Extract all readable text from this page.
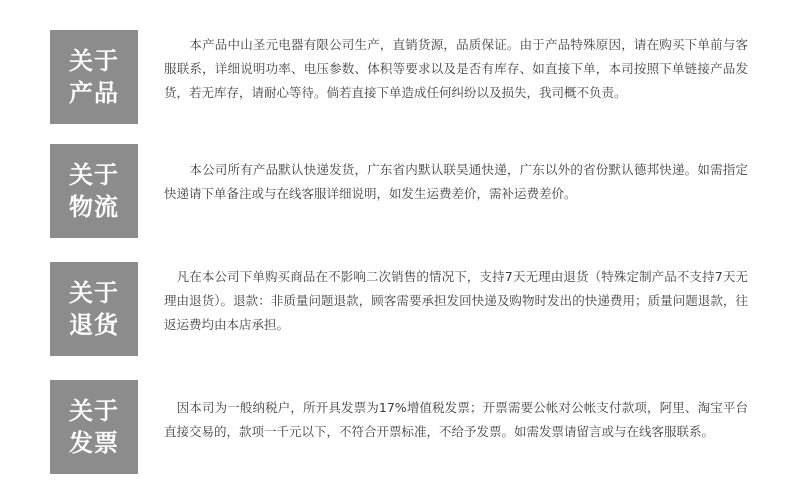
关于
产品
　　本产品中山圣元电器有限公司生产，直销货源，品质保证。由于产品特殊原因，请在购买下单前与客服联系，详细说明功率、电压参数、体积等要求以及是否有库存、如直接下单，本司按照下单链接产品发货，若无库存，请耐心等待。倘若直接下单造成任何纠纷以及损失，我司概不负责。
关于
物流
　　本公司所有产品默认快递发货，广东省内默认联昊通快递，广东以外的省份默认德邦快递。如需指定快递请下单备注或与在线客服详细说明，如发生运费差价，需补运费差价。
关于
退货
　凡在本公司下单购买商品在不影响二次销售的情况下，支持7天无理由退货（特殊定制产品不支持7天无理由退货）。退款：非质量问题退款，顾客需要承担发回快递及购物时发出的快递费用；质量问题退款，往返运费均由本店承担。
关于
发票
　因本司为一般纳税户，所开具发票为17%增值税发票；开票需要公帐对公帐支付款项，阿里、淘宝平台直接交易的，款项一千元以下，不符合开票标准，不给予发票。如需发票请留言或与在线客服联系。
